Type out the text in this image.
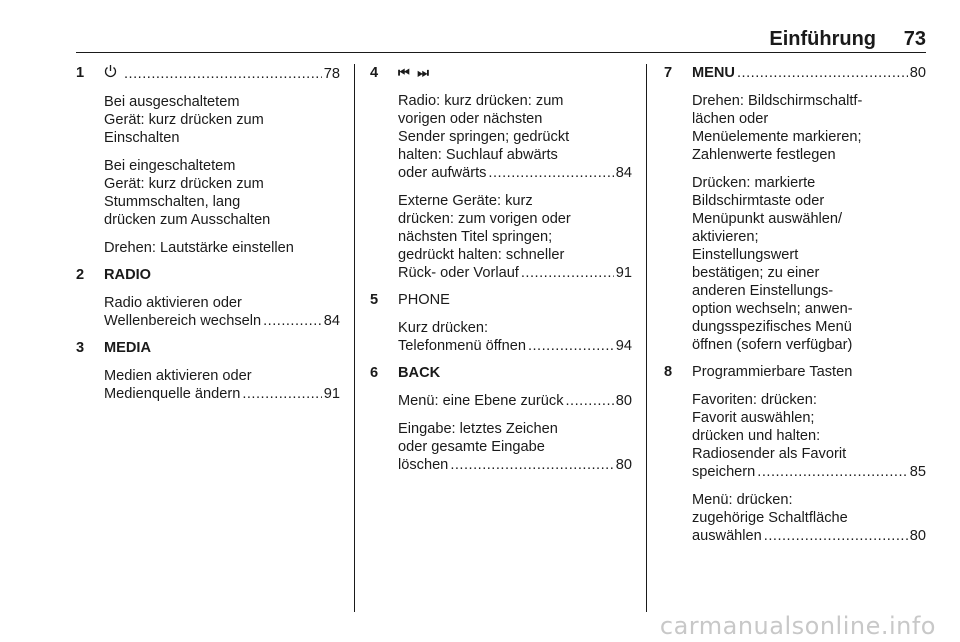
Einführung 73
1 .....	78
Bei ausgeschaltetem
Gerät: kurz drücken zum
Einschalten
Bei eingeschaltetem
Gerät: kurz drücken zum
Stummschalten, lang
drücken zum Ausschalten
Drehen: Lautstärke einstellen
2 RADIO
Radio aktivieren oder
Wellenbereich wechseln .....	84
3 MEDIA
Medien aktivieren oder
Medienquelle ändern .....	91
4 ⏮ ⏭
Radio: kurz drücken: zum
vorigen oder nächsten
Sender springen; gedrückt
halten: Suchlauf abwärts
oder aufwärts .....	84
Externe Geräte: kurz
drücken: zum vorigen oder
nächsten Titel springen;
gedrückt halten: schneller
Rück- oder Vorlauf .....	91
5 PHONE
Kurz drücken:
Telefonmenü öffnen .....	94
6 BACK
Menü: eine Ebene zurück .....	80
Eingabe: letztes Zeichen
oder gesamte Eingabe
löschen .....	80
7 MENU .....	80
Drehen: Bildschirmschaltf-
lächen oder
Menüelemente markieren;
Zahlenwerte festlegen
Drücken: markierte
Bildschirmtaste oder
Menüpunkt auswählen/
aktivieren;
Einstellungswert
bestätigen; zu einer
anderen Einstellungs-
option wechseln; anwen-
dungsspezifisches Menü
öffnen (sofern verfügbar)
8 Programmierbare Tasten
Favoriten: drücken:
Favorit auswählen;
drücken und halten:
Radiosender als Favorit
speichern .....	85
Menü: drücken:
zugehörige Schaltfläche
auswählen .....	80
carmanualsonline.info
